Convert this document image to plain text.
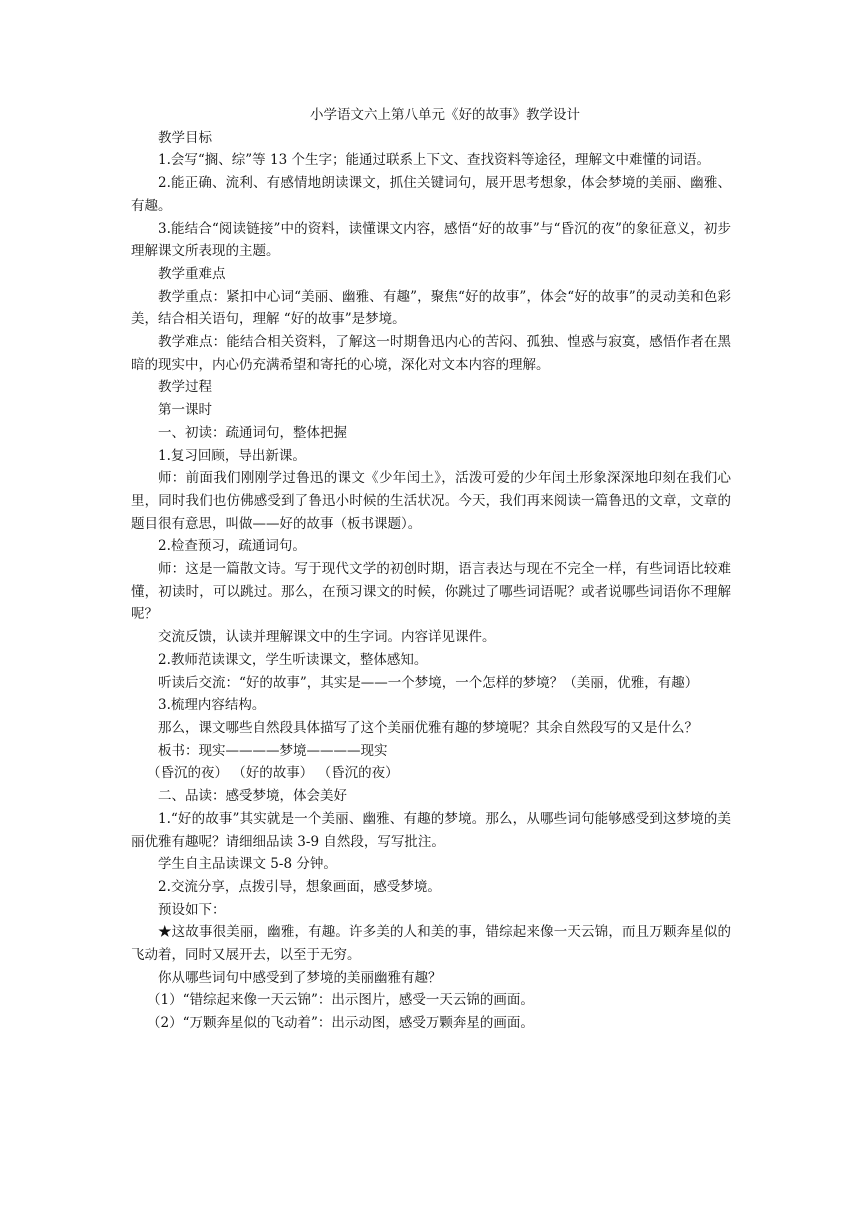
小学语文六上第八单元《好的故事》教学设计
教学目标
1.会写“搁、综”等 13 个生字；能通过联系上下文、查找资料等途径，理解文中难懂的词语。
2.能正确、流利、有感情地朗读课文，抓住关键词句，展开思考想象，体会梦境的美丽、幽雅、有趣。
3.能结合“阅读链接”中的资料，读懂课文内容，感悟“好的故事”与“昏沉的夜”的象征意义，初步理解课文所表现的主题。
教学重难点
教学重点：紧扣中心词“美丽、幽雅、有趣”，聚焦“好的故事”，体会“好的故事”的灵动美和色彩美，结合相关语句，理解 “好的故事”是梦境。
教学难点：能结合相关资料，了解这一时期鲁迅内心的苦闷、孤独、惶惑与寂寞，感悟作者在黑暗的现实中，内心仍充满希望和寄托的心境，深化对文本内容的理解。
教学过程
第一课时
一、初读：疏通词句，整体把握
1.复习回顾，导出新课。
师：前面我们刚刚学过鲁迅的课文《少年闰土》，活泼可爱的少年闰土形象深深地印刻在我们心里，同时我们也仿佛感受到了鲁迅小时候的生活状况。今天，我们再来阅读一篇鲁迅的文章，文章的题目很有意思，叫做——好的故事（板书课题）。
2.检查预习，疏通词句。
师：这是一篇散文诗。写于现代文学的初创时期，语言表达与现在不完全一样，有些词语比较难懂，初读时，可以跳过。那么，在预习课文的时候，你跳过了哪些词语呢？或者说哪些词语你不理解呢？
交流反馈，认读并理解课文中的生字词。内容详见课件。
2.教师范读课文，学生听读课文，整体感知。
听读后交流：“好的故事”，其实是——一个梦境，一个怎样的梦境？（美丽，优雅，有趣）
3.梳理内容结构。
那么，课文哪些自然段具体描写了这个美丽优雅有趣的梦境呢？其余自然段写的又是什么？
板书：现实————梦境————现实
（昏沉的夜） （好的故事） （昏沉的夜）
二、品读：感受梦境，体会美好
1.“好的故事”其实就是一个美丽、幽雅、有趣的梦境。那么，从哪些词句能够感受到这梦境的美丽优雅有趣呢？请细细品读 3-9 自然段，写写批注。
学生自主品读课文 5-8 分钟。
2.交流分享，点拨引导，想象画面，感受梦境。
预设如下：
★这故事很美丽，幽雅，有趣。许多美的人和美的事，错综起来像一天云锦，而且万颗奔星似的飞动着，同时又展开去，以至于无穷。
你从哪些词句中感受到了梦境的美丽幽雅有趣？
（1）“错综起来像一天云锦”：出示图片，感受一天云锦的画面。
（2）“万颗奔星似的飞动着”：出示动图，感受万颗奔星的画面。
